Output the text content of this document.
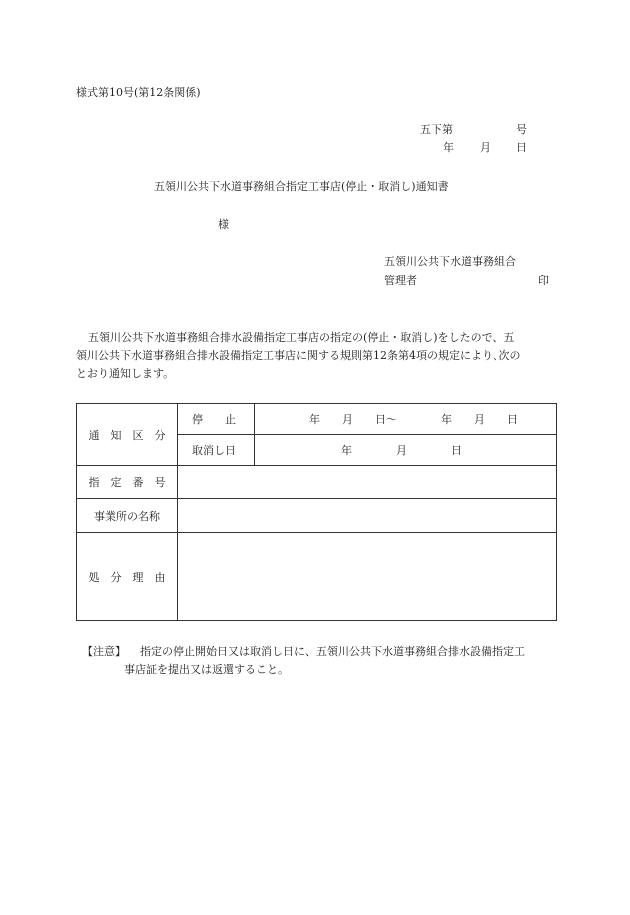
様式第10号(第12条関係)
五下第	号
年 月 日
五領川公共下水道事務組合指定工事店(停止・取消し)通知書
様
五領川公共下水道事務組合
管理者	印
五領川公共下水道事務組合排水設備指定工事店の指定の(停止・取消し)をしたので、五
領川公共下水道事務組合排水設備指定工事店に関する規則第12条第4項の規定により､次の
とおり通知します。
通　知　区　分	停　　止	年　　月　　日～　　　　年　　月　　日
	取消し日	年　　　　月　　　　日
指　定　番　号		
事業所の名称		
処　分　理　由		
【注意】 指定の停止開始日又は取消し日に、五領川公共下水道事務組合排水設備指定工
事店証を提出又は返還すること。
